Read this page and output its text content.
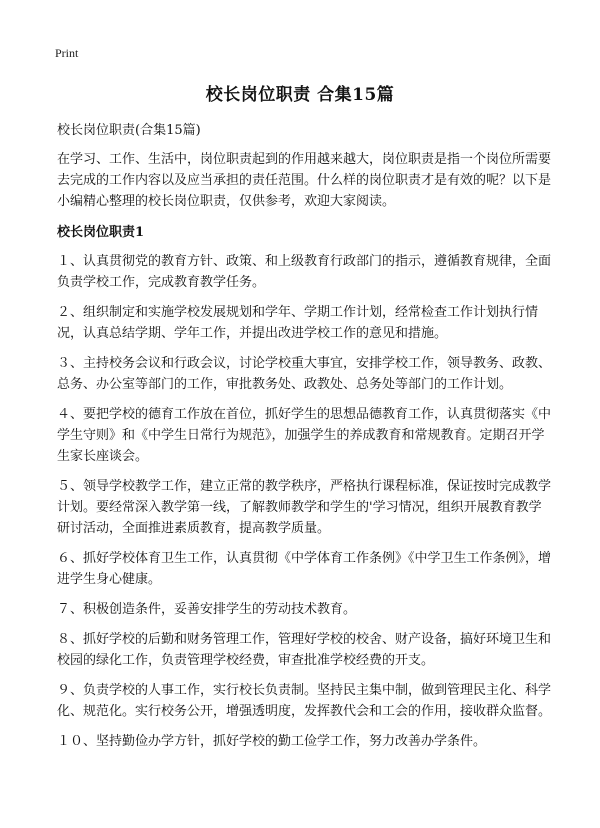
Print
校长岗位职责 合集15篇

校长岗位职责(合集15篇)

在学习、工作、生活中，岗位职责起到的作用越来越大，岗位职责是指一个岗位所需要去完成的工作内容以及应当承担的责任范围。什么样的岗位职责才是有效的呢？以下是小编精心整理的校长岗位职责，仅供参考，欢迎大家阅读。

校长岗位职责1

１、认真贯彻党的教育方针、政策、和上级教育行政部门的指示，遵循教育规律，全面负责学校工作，完成教育教学任务。

２、组织制定和实施学校发展规划和学年、学期工作计划，经常检查工作计划执行情况，认真总结学期、学年工作，并提出改进学校工作的意见和措施。

３、主持校务会议和行政会议，讨论学校重大事宜，安排学校工作，领导教务、政教、总务、办公室等部门的工作，审批教务处、政教处、总务处等部门的工作计划。

４、要把学校的德育工作放在首位，抓好学生的思想品德教育工作，认真贯彻落实《中学生守则》和《中学生日常行为规范》，加强学生的养成教育和常规教育。定期召开学生家长座谈会。

５、领导学校教学工作，建立正常的教学秩序，严格执行课程标准，保证按时完成教学计划。要经常深入教学第一线，了解教师教学和学生的'学习情况，组织开展教育教学研讨活动，全面推进素质教育，提高教学质量。

６、抓好学校体育卫生工作，认真贯彻《中学体育工作条例》《中学卫生工作条例》，增进学生身心健康。

７、积极创造条件，妥善安排学生的劳动技术教育。

８、抓好学校的后勤和财务管理工作，管理好学校的校舍、财产设备，搞好环境卫生和校园的绿化工作，负责管理学校经费，审查批准学校经费的开支。

９、负责学校的人事工作，实行校长负责制。坚持民主集中制，做到管理民主化、科学化、规范化。实行校务公开，增强透明度，发挥教代会和工会的作用，接收群众监督。

１０、坚持勤俭办学方针，抓好学校的勤工俭学工作，努力改善办学条件。
